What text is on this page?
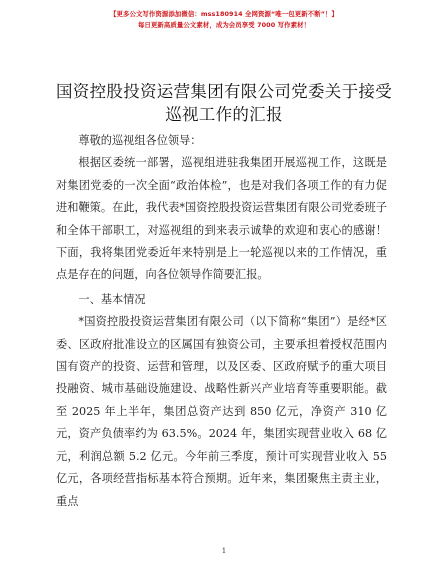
【更多公文写作资源添加微信：mss180914 全网资源“唯一包更新不断”！】
每日更新高质量公文素材，成为会员享受 7000 写作素材！
国资控股投资运营集团有限公司党委关于接受
巡视工作的汇报

尊敬的巡视组各位领导：

根据区委统一部署，巡视组进驻我集团开展巡视工作，这既是对集团党委的一次全面“政治体检”，也是对我们各项工作的有力促进和鞭策。在此，我代表*国资控股投资运营集团有限公司党委班子和全体干部职工，对巡视组的到来表示诚挚的欢迎和衷心的感谢！下面，我将集团党委近年来特别是上一轮巡视以来的工作情况，重点是存在的问题，向各位领导作简要汇报。

一、基本情况

*国资控股投资运营集团有限公司（以下简称“集团”）是经*区委、区政府批准设立的区属国有独资公司，主要承担着授权范围内国有资产的投资、运营和管理，以及区委、区政府赋予的重大项目投融资、城市基础设施建设、战略性新兴产业培育等重要职能。截至 2025 年上半年，集团总资产达到 850 亿元，净资产 310 亿元，资产负债率约为 63.5%。2024 年，集团实现营业收入 68 亿元，利润总额 5.2 亿元。今年前三季度，预计可实现营业收入 55 亿元，各项经营指标基本符合预期。近年来，集团聚焦主责主业，重点

1
